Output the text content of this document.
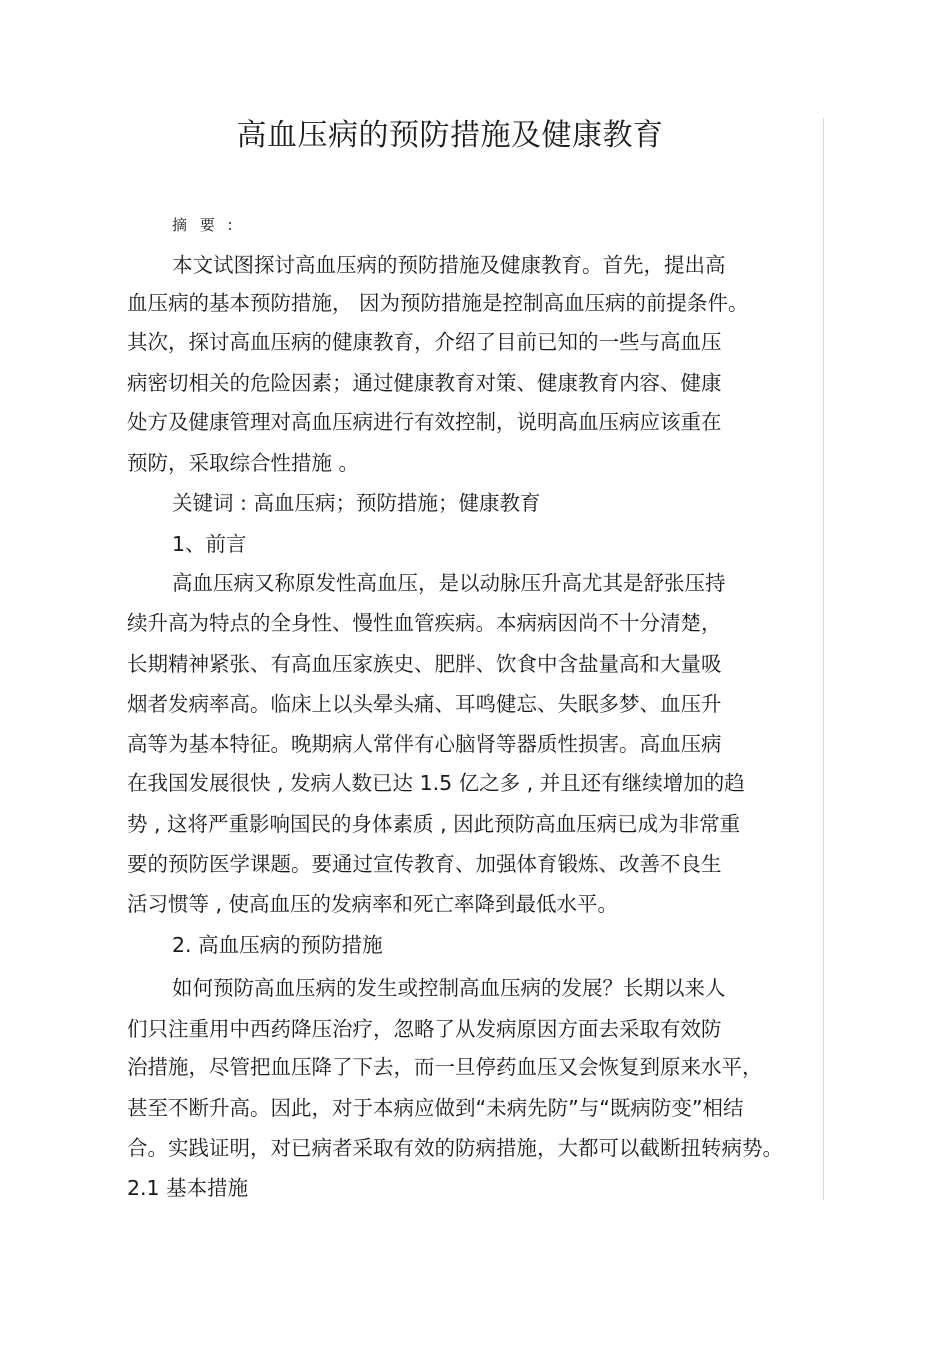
高血压病的预防措施及健康教育
摘 要 :
本文试图探讨高血压病的预防措施及健康教育。首先，提出高
血压病的基本预防措施， 因为预防措施是控制高血压病的前提条件。
其次，探讨高血压病的健康教育，介绍了目前已知的一些与高血压
病密切相关的危险因素；通过健康教育对策、健康教育内容、健康
处方及健康管理对高血压病进行有效控制，说明高血压病应该重在
预防，采取综合性措施 。
关键词 : 高血压病；预防措施；健康教育
1、前言
高血压病又称原发性高血压，是以动脉压升高尤其是舒张压持
续升高为特点的全身性、慢性血管疾病。本病病因尚不十分清楚，
长期精神紧张、有高血压家族史、肥胖、饮食中含盐量高和大量吸
烟者发病率高。临床上以头晕头痛、耳鸣健忘、失眠多梦、血压升
高等为基本特征。晚期病人常伴有心脑肾等器质性损害。高血压病
在我国发展很快 , 发病人数已达 1.5 亿之多 , 并且还有继续增加的趋
势 , 这将严重影响国民的身体素质 , 因此预防高血压病已成为非常重
要的预防医学课题。要通过宣传教育、加强体育锻炼、改善不良生
活习惯等 , 使高血压的发病率和死亡率降到最低水平。
2. 高血压病的预防措施
如何预防高血压病的发生或控制高血压病的发展？长期以来人
们只注重用中西药降压治疗，忽略了从发病原因方面去采取有效防
治措施，尽管把血压降了下去，而一旦停药血压又会恢复到原来水平，
甚至不断升高。因此，对于本病应做到“未病先防”与“既病防变”相结
合。实践证明，对已病者采取有效的防病措施，大都可以截断扭转病势。
2.1 基本措施
